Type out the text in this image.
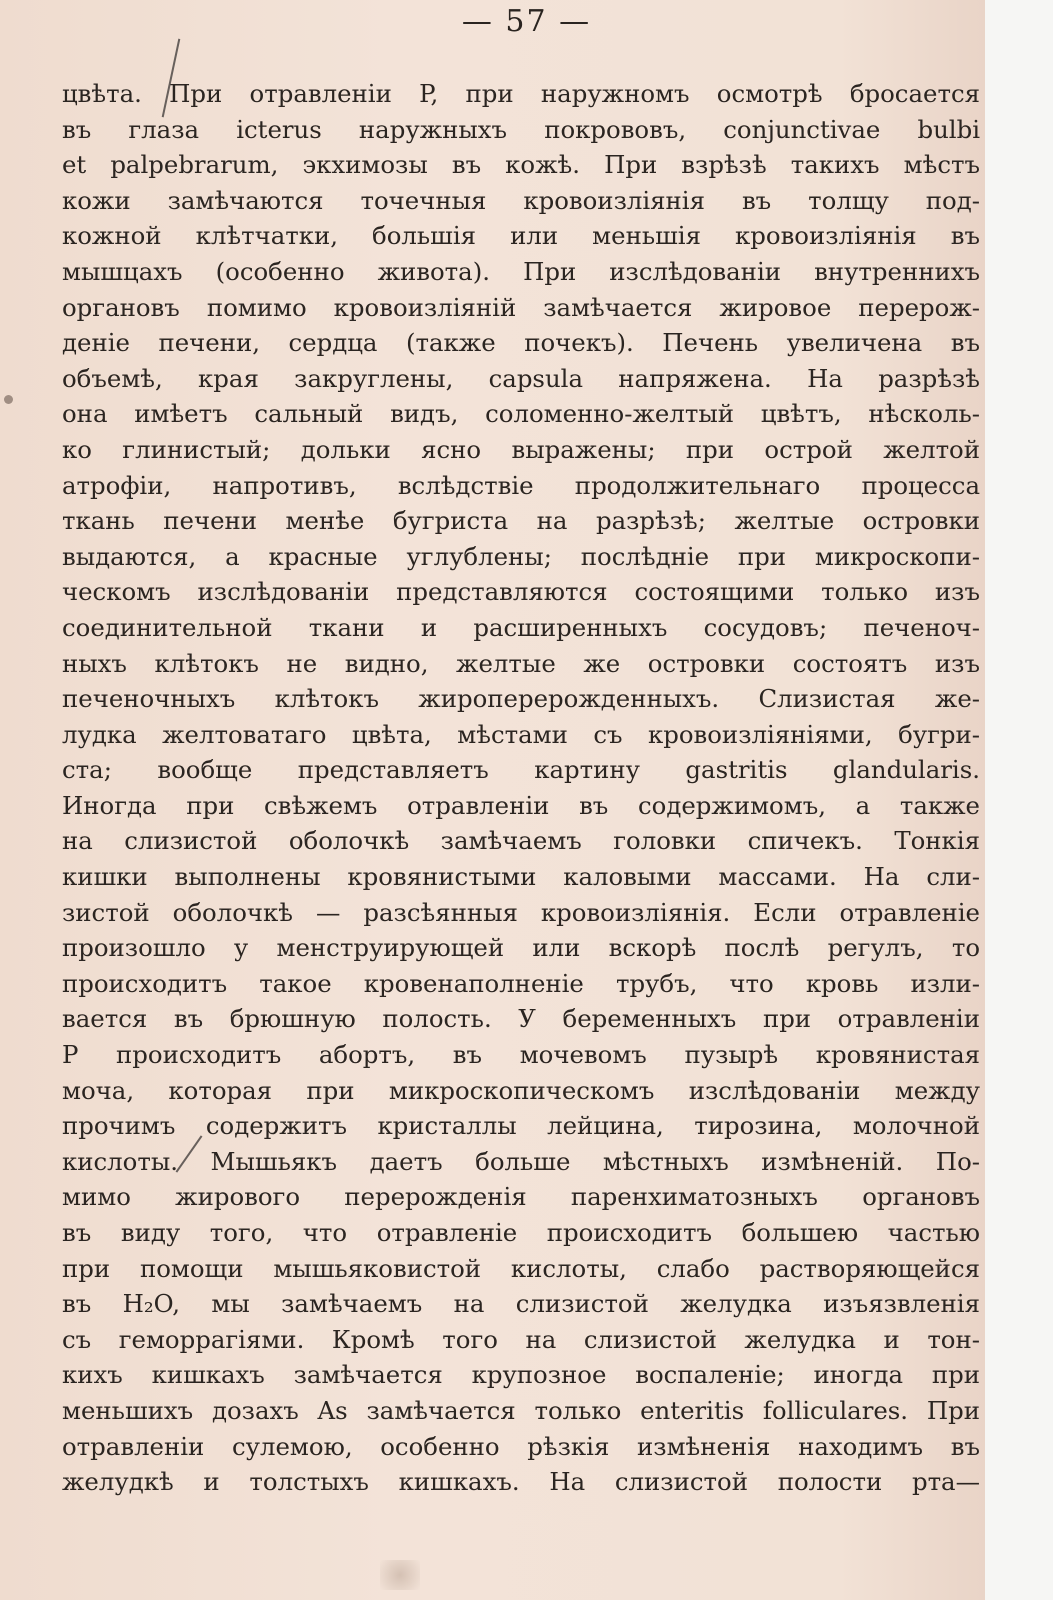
— 57 —
цвѣта. При отравленіи P, при наружномъ осмотрѣ бросается
въ глаза icterus наружныхъ покрововъ, conjunctivae bulbi
et palpebrarum, экхимозы въ кожѣ. При взрѣзѣ такихъ мѣстъ
кожи замѣчаются точечныя кровоизліянія въ толщу под-
кожной клѣтчатки, большія или меньшія кровоизліянія въ
мышцахъ (особенно живота). При изслѣдованіи внутреннихъ
органовъ помимо кровоизліяній замѣчается жировое перерож-
деніе печени, сердца (также почекъ). Печень увеличена въ
объемѣ, края закруглены, capsula напряжена. На разрѣзѣ
она имѣетъ сальный видъ, соломенно-желтый цвѣтъ, нѣсколь-
ко глинистый; дольки ясно выражены; при острой желтой
атрофіи, напротивъ, вслѣдствіе продолжительнаго процесса
ткань печени менѣе бугриста на разрѣзѣ; желтые островки
выдаются, а красные углублены; послѣдніе при микроскопи-
ческомъ изслѣдованіи представляются состоящими только изъ
соединительной ткани и расширенныхъ сосудовъ; печеноч-
ныхъ клѣтокъ не видно, желтые же островки состоятъ изъ
печеночныхъ клѣтокъ жироперерожденныхъ. Слизистая же-
лудка желтоватаго цвѣта, мѣстами съ кровоизліяніями, бугри-
ста; вообще представляетъ картину gastritis glandularis.
Иногда при свѣжемъ отравленіи въ содержимомъ, а также
на слизистой оболочкѣ замѣчаемъ головки спичекъ. Тонкія
кишки выполнены кровянистыми каловыми массами. На сли-
зистой оболочкѣ — разсѣянныя кровоизліянія. Если отравленіе
произошло у менструирующей или вскорѣ послѣ регулъ, то
происходитъ такое кровенаполненіе трубъ, что кровь изли-
вается въ брюшную полость. У беременныхъ при отравленіи
P происходитъ абортъ, въ мочевомъ пузырѣ кровянистая
моча, которая при микроскопическомъ изслѣдованіи между
прочимъ содержитъ кристаллы лейцина, тирозина, молочной
кислоты. Мышьякъ даетъ больше мѣстныхъ измѣненій. По-
мимо жирового перерожденія паренхиматозныхъ органовъ
въ виду того, что отравленіе происходитъ большею частью
при помощи мышьяковистой кислоты, слабо растворяющейся
въ H₂O, мы замѣчаемъ на слизистой желудка изъязвленія
съ геморрагіями. Кромѣ того на слизистой желудка и тон-
кихъ кишкахъ замѣчается крупозное воспаленіе; иногда при
меньшихъ дозахъ As замѣчается только enteritis folliculares. При
отравленіи сулемою, особенно рѣзкія измѣненія находимъ въ
желудкѣ и толстыхъ кишкахъ. На слизистой полости рта—
